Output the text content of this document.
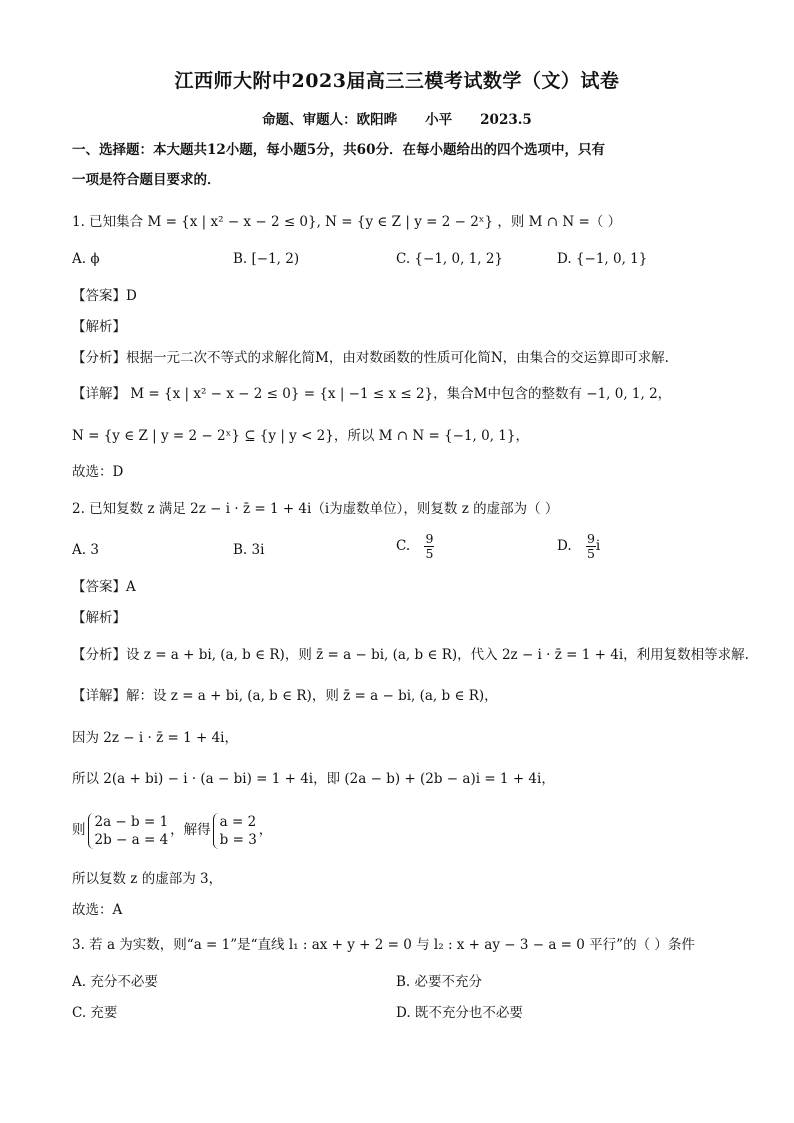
江西师大附中2023届高三三模考试数学（文）试卷
命题、审题人：欧阳晔 小平 2023.5
一、选择题：本大题共12小题，每小题5分，共60分．在每小题给出的四个选项中，只有
一项是符合题目要求的．
1. 已知集合 M = {x | x² − x − 2 ≤ 0}, N = {y ∈ Z | y = 2 − 2ˣ} ，则 M ∩ N =（ ）
A. ϕ	B. [−1, 2)	C. {−1, 0, 1, 2}	D. {−1, 0, 1}
【答案】D
【解析】
【分析】根据一元二次不等式的求解化简M，由对数函数的性质可化简N，由集合的交运算即可求解.
【详解】 M = {x | x² − x − 2 ≤ 0} = {x | −1 ≤ x ≤ 2}，集合M中包含的整数有 −1, 0, 1, 2，
N = {y ∈ Z | y = 2 − 2ˣ} ⊆ {y | y < 2}，所以 M ∩ N = {−1, 0, 1}，
故选：D
2. 已知复数 z 满足 2z − i · z̄ = 1 + 4i（i为虚数单位），则复数 z 的虚部为（ ）
A. 3	B. 3i	C. $\frac{9}{5}$	D. $\frac{9}{5}$ i
【答案】A
【解析】
【分析】设 z = a + bi, (a, b ∈ R)，则 z̄ = a − bi, (a, b ∈ R)，代入 2z − i · z̄ = 1 + 4i，利用复数相等求解.
【详解】解：设 z = a + bi, (a, b ∈ R)，则 z̄ = a − bi, (a, b ∈ R)，
因为 2z − i · z̄ = 1 + 4i，
所以 2(a + bi) − i · (a − bi) = 1 + 4i，即 (2a − b) + (2b − a)i = 1 + 4i，
则
2a − b = 1
2b − a = 4
，解得
a = 2
b = 3
，
所以复数 z 的虚部为 3，
故选：A
3. 若 a 为实数，则“a = 1”是“直线 l₁ : ax + y + 2 = 0 与 l₂ : x + ay − 3 − a = 0 平行”的（ ）条件
A. 充分不必要	B. 必要不充分
C. 充要	D. 既不充分也不必要
